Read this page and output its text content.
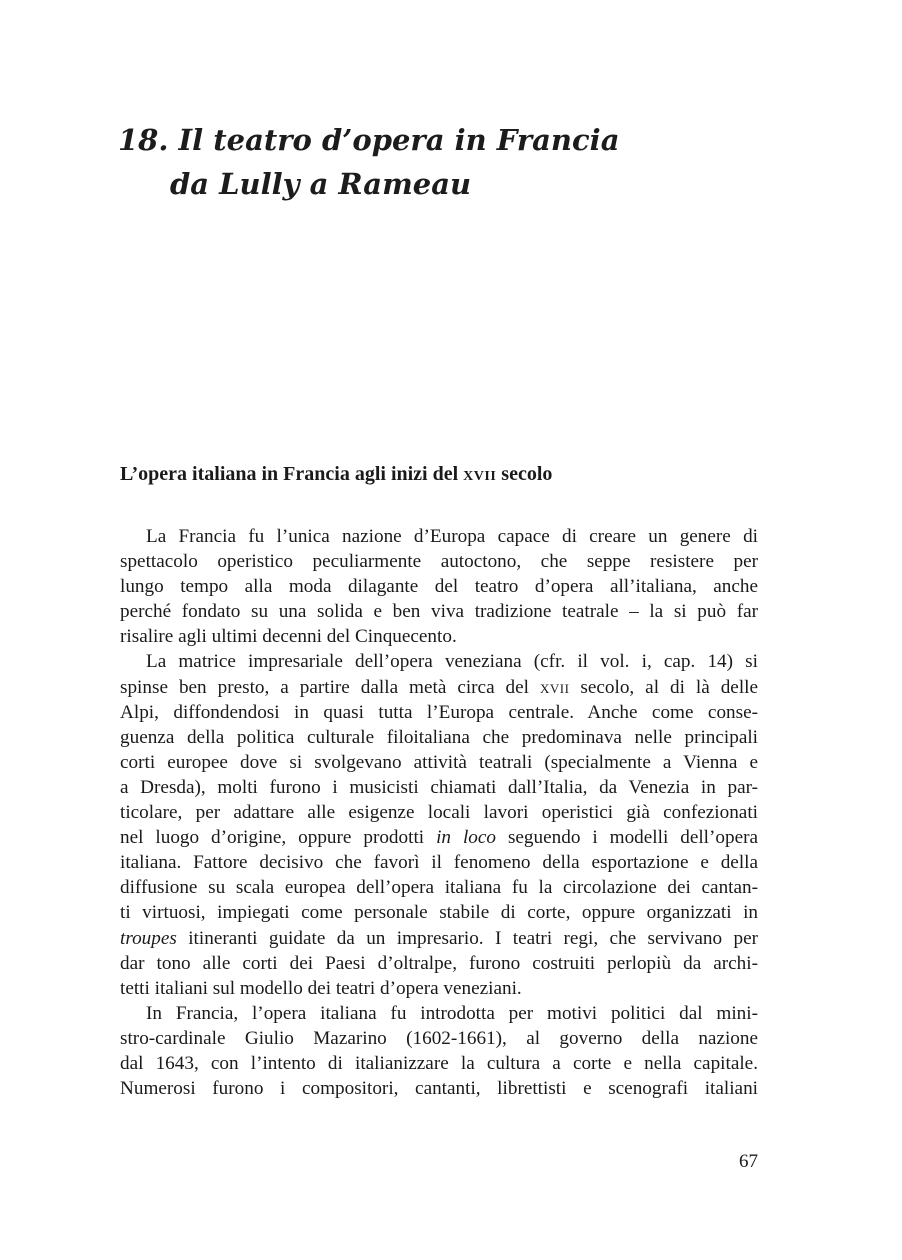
18. Il teatro d’opera in Francia
da Lully a Rameau
L’opera italiana in Francia agli inizi del xvii secolo
La Francia fu l’unica nazione d’Europa capace di creare un genere di
spettacolo operistico peculiarmente autoctono, che seppe resistere per
lungo tempo alla moda dilagante del teatro d’opera all’italiana, anche
perché fondato su una solida e ben viva tradizione teatrale – la si può far
risalire agli ultimi decenni del Cinquecento.
La matrice impresariale dell’opera veneziana (cfr. il vol. i, cap. 14) si
spinse ben presto, a partire dalla metà circa del xvii secolo, al di là delle
Alpi, diffondendosi in quasi tutta l’Europa centrale. Anche come conse-
guenza della politica culturale filoitaliana che predominava nelle principali
corti europee dove si svolgevano attività teatrali (specialmente a Vienna e
a Dresda), molti furono i musicisti chiamati dall’Italia, da Venezia in par-
ticolare, per adattare alle esigenze locali lavori operistici già confezionati
nel luogo d’origine, oppure prodotti in loco seguendo i modelli dell’opera
italiana. Fattore decisivo che favorì il fenomeno della esportazione e della
diffusione su scala europea dell’opera italiana fu la circolazione dei cantan-
ti virtuosi, impiegati come personale stabile di corte, oppure organizzati in
troupes itineranti guidate da un impresario. I teatri regi, che servivano per
dar tono alle corti dei Paesi d’oltralpe, furono costruiti perlopiù da archi-
tetti italiani sul modello dei teatri d’opera veneziani.
In Francia, l’opera italiana fu introdotta per motivi politici dal mini-
stro-cardinale Giulio Mazarino (1602-1661), al governo della nazione
dal 1643, con l’intento di italianizzare la cultura a corte e nella capitale.
Numerosi furono i compositori, cantanti, librettisti e scenografi italiani
67
